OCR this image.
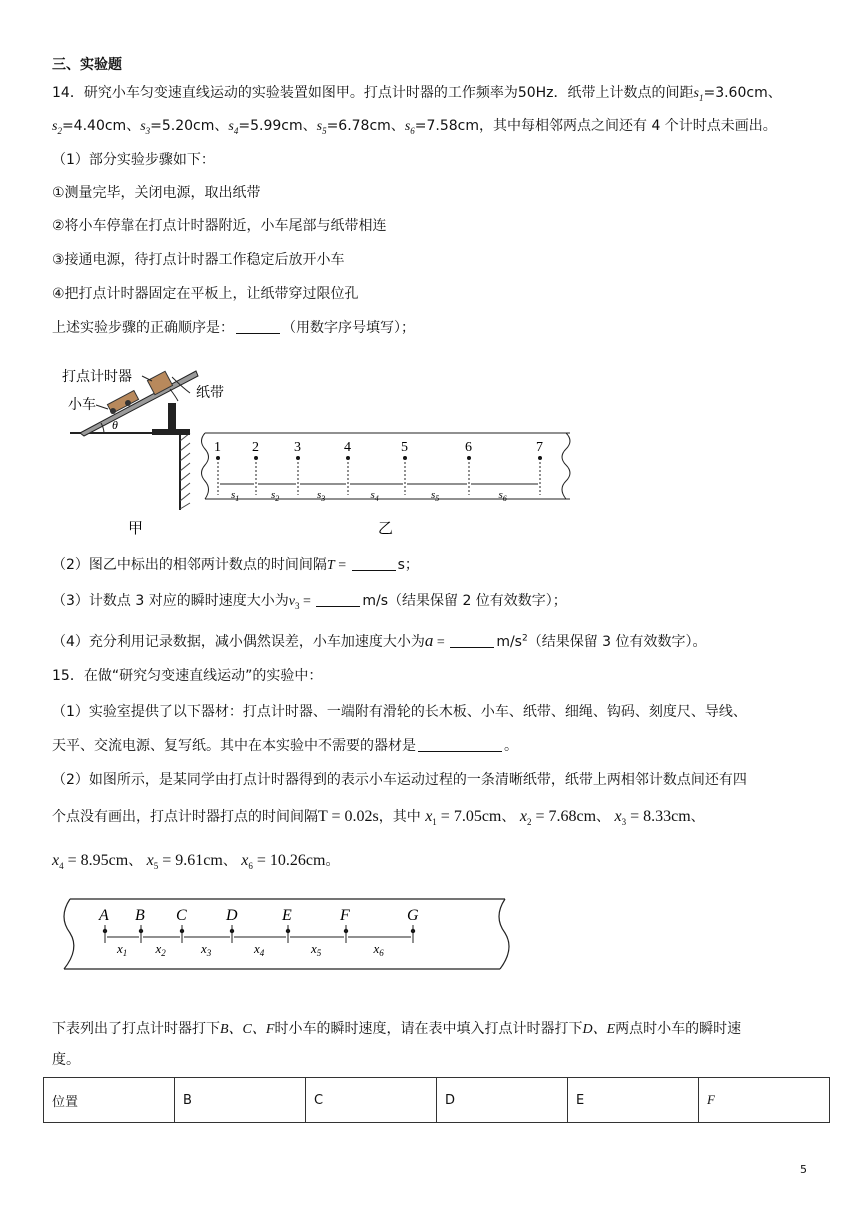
三、实验题
14．研究小车匀变速直线运动的实验装置如图甲。打点计时器的工作频率为50Hz．纸带上计数点的间距$s_1=3.60cm$、
$s_2=4.40cm$、$s_3=5.20cm$、$s_4=5.99cm$、$s_5=6.78cm$、$s_6=7.58cm$，其中每相邻两点之间还有 4 个计时点未画出。
（1）部分实验步骤如下：
①测量完毕，关闭电源，取出纸带
②将小车停靠在打点计时器附近，小车尾部与纸带相连
③接通电源，待打点计时器工作稳定后放开小车
④把打点计时器固定在平板上，让纸带穿过限位孔
上述实验步骤的正确顺序是：	（用数字序号填写）；
打点计时器
纸带
小车
θ
1 2	3	4	5	6	7
$s_1$	$s_2$	$s_3$	$s_4$	$s_5$	$s_6$
甲	乙
（2）图乙中标出的相邻两计数点的时间间隔T =	s；
（3）计数点 3 对应的瞬时速度大小为$v_3$ =	m/s（结果保留 2 位有效数字）；
（4）充分利用记录数据，减小偶然误差，小车加速度大小为a =	$m/s^2$（结果保留 3 位有效数字）。
15．在做“研究匀变速直线运动”的实验中：
（1）实验室提供了以下器材：打点计时器、一端附有滑轮的长木板、小车、纸带、细绳、钩码、刻度尺、导线、
天平、交流电源、复写纸。其中在本实验中不需要的器材是	。
（2）如图所示，是某同学由打点计时器得到的表示小车运动过程的一条清晰纸带，纸带上两相邻计数点间还有四
个点没有画出，打点计时器打点的时间间隔T = 0.02s，其中 $x_1 = 7.05cm$、 $x_2 = 7.68cm$、 $x_3 = 8.33cm$、
$x_4 = 8.95cm$、 $x_5 = 9.61cm$、 $x_6 = 10.26cm$。
A B C D	E	F	G
$x_1$ $x_2$	$x_3$	$x_4$	$x_5$	$x_6$
下表列出了打点计时器打下B、C、F时小车的瞬时速度，请在表中填入打点计时器打下D、E两点时小车的瞬时速
度。
位置	B	C	D	E	F
5
